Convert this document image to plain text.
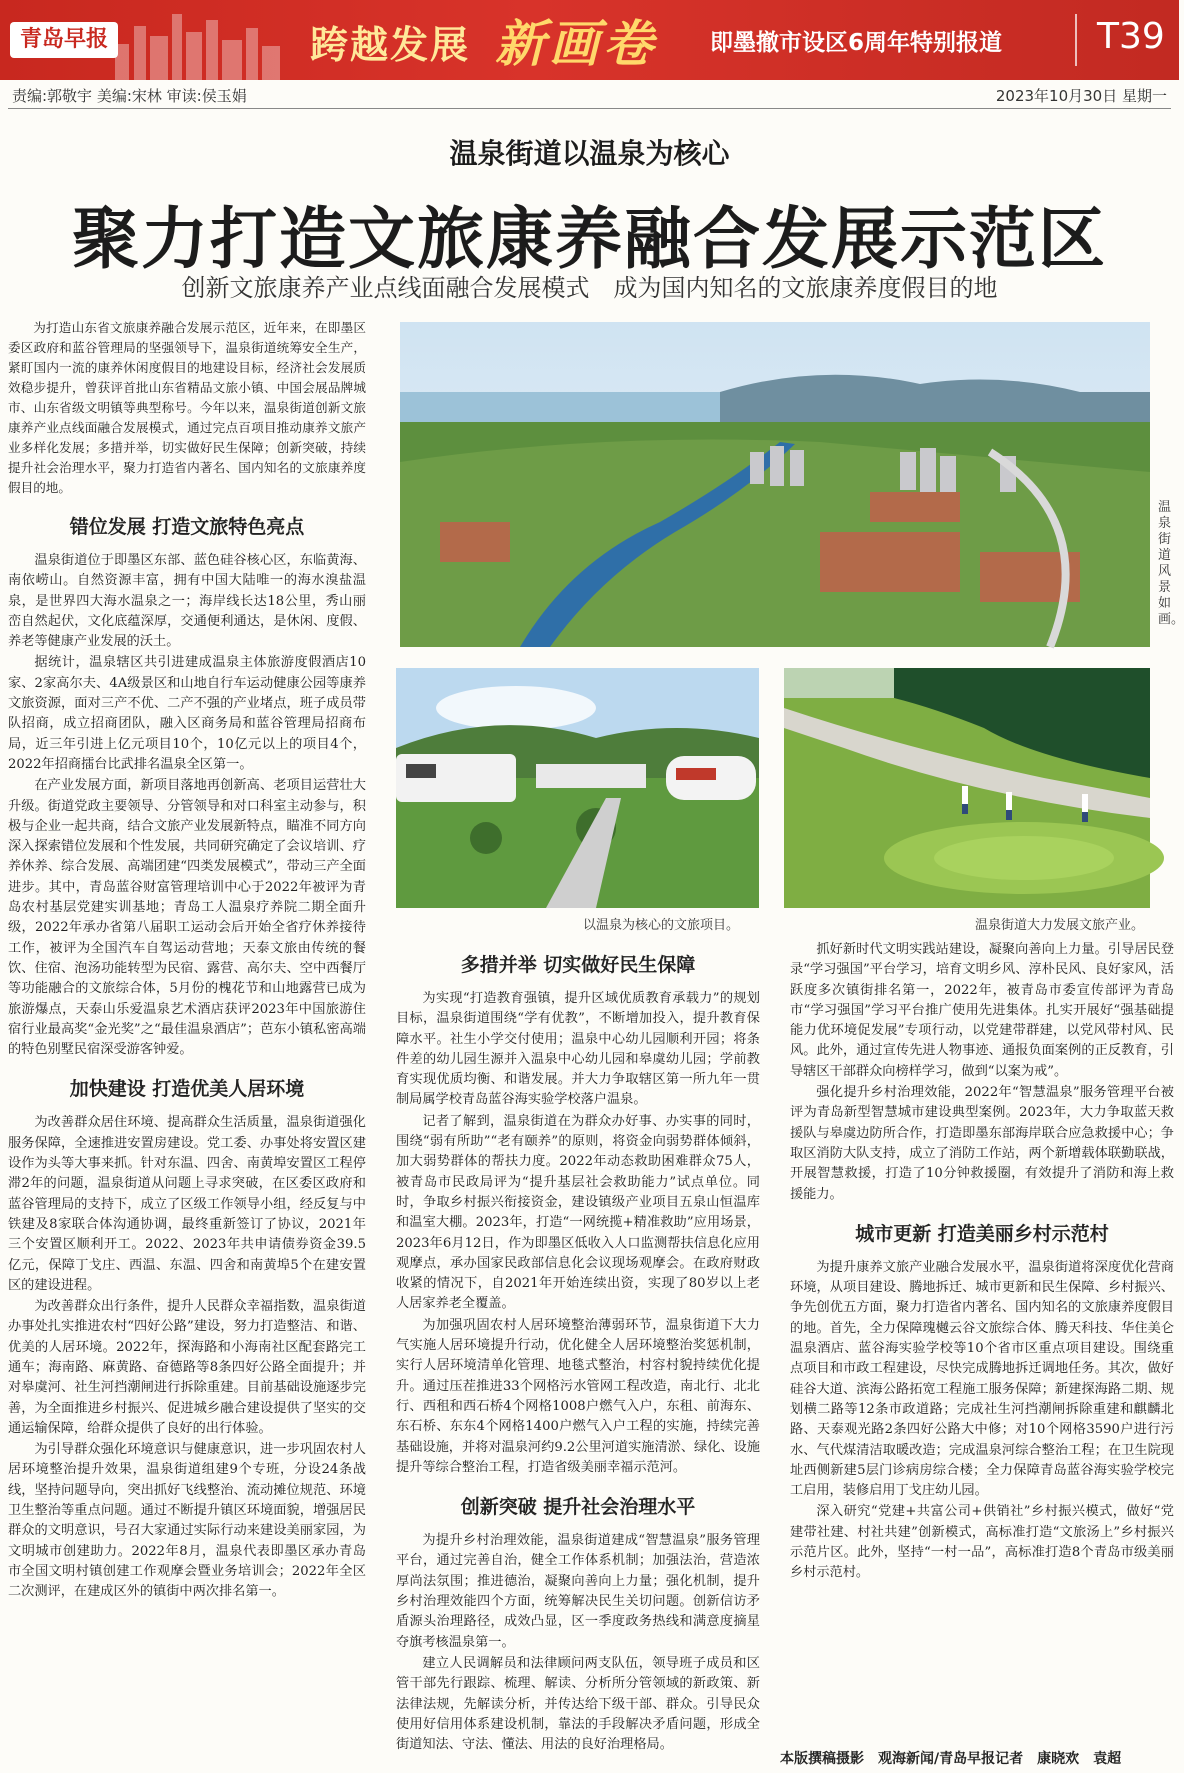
青岛早报	跨越发展 新画卷 即墨撤市设区6周年特别报道	T39
责编:郭敬宇 美编:宋林 审读:侯玉娟	2023年10月30日 星期一
温泉街道以温泉为核心
聚力打造文旅康养融合发展示范区
创新文旅康养产业点线面融合发展模式　成为国内知名的文旅康养度假目的地

为打造山东省文旅康养融合发展示范区，近年来，在即墨区委区政府和蓝谷管理局的坚强领导下，温泉街道统筹安全生产，紧盯国内一流的康养休闲度假目的地建设目标，经济社会发展质效稳步提升，曾获评首批山东省精品文旅小镇、中国会展品牌城市、山东省级文明镇等典型称号。今年以来，温泉街道创新文旅康养产业点线面融合发展模式，通过完点百项目推动康养文旅产业多样化发展；多措并举，切实做好民生保障；创新突破，持续提升社会治理水平，聚力打造省内著名、国内知名的文旅康养度假目的地。

错位发展 打造文旅特色亮点

温泉街道位于即墨区东部、蓝色硅谷核心区，东临黄海、南依崂山。自然资源丰富，拥有中国大陆唯一的海水溴盐温泉，是世界四大海水温泉之一；海岸线长达18公里，秀山丽峦自然起伏，文化底蕴深厚，交通便利通达，是休闲、度假、养老等健康产业发展的沃土。

据统计，温泉辖区共引进建成温泉主体旅游度假酒店10家、2家高尔夫、4A级景区和山地自行车运动健康公园等康养文旅资源，面对三产不优、二产不强的产业堵点，班子成员带队招商，成立招商团队，融入区商务局和蓝谷管理局招商布局，近三年引进上亿元项目10个，10亿元以上的项目4个，2022年招商擂台比武排名温泉全区第一。

在产业发展方面，新项目落地再创新高、老项目运营壮大升级。街道党政主要领导、分管领导和对口科室主动参与，积极与企业一起共商，结合文旅产业发展新特点，瞄准不同方向深入探索错位发展和个性发展，共同研究确定了会议培训、疗养休养、综合发展、高端团建“四类发展模式”，带动三产全面进步。其中，青岛蓝谷财富管理培训中心于2022年被评为青岛农村基层党建实训基地；青岛工人温泉疗养院二期全面升级，2022年承办省第八届职工运动会后开始全省疗休养接待工作，被评为全国汽车自驾运动营地；天泰文旅由传统的餐饮、住宿、泡汤功能转型为民宿、露营、高尔夫、空中西餐厅等功能融合的文旅综合体，5月份的槐花节和山地露营已成为旅游爆点，天泰山乐爱温泉艺术酒店获评2023年中国旅游住宿行业最高奖“金光奖”之“最佳温泉酒店”；芭东小镇私密高端的特色别墅民宿深受游客钟爱。

加快建设 打造优美人居环境

为改善群众居住环境、提高群众生活质量，温泉街道强化服务保障，全速推进安置房建设。党工委、办事处将安置区建设作为头等大事来抓。针对东温、四舍、南黄埠安置区工程停滞2年的问题，温泉街道从问题上寻求突破，在区委区政府和蓝谷管理局的支持下，成立了区级工作领导小组，经反复与中铁建及8家联合体沟通协调，最终重新签订了协议，2021年三个安置区顺利开工。2022、2023年共申请债券资金39.5亿元，保障丁戈庄、西温、东温、四舍和南黄埠5个在建安置区的建设进程。

为改善群众出行条件，提升人民群众幸福指数，温泉街道办事处扎实推进农村“四好公路”建设，努力打造整洁、和谐、优美的人居环境。2022年，探海路和小海南社区配套路完工通车；海南路、麻黄路、奋德路等8条四好公路全面提升；并对皋虞河、社生河挡潮闸进行拆除重建。目前基础设施逐步完善，为全面推进乡村振兴、促进城乡融合建设提供了坚实的交通运输保障，给群众提供了良好的出行体验。

为引导群众强化环境意识与健康意识，进一步巩固农村人居环境整治提升效果，温泉街道组建9个专班，分设24条战线，坚持问题导向，突出抓好飞线整治、流动摊位规范、环境卫生整治等重点问题。通过不断提升镇区环境面貌，增强居民群众的文明意识，号召大家通过实际行动来建设美丽家园，为文明城市创建助力。2022年8月，温泉代表即墨区承办青岛市全国文明村镇创建工作观摩会暨业务培训会；2022年全区二次测评，在建成区外的镇街中两次排名第一。

温泉街道风景如画。
以温泉为核心的文旅项目。	温泉街道大力发展文旅产业。
多措并举 切实做好民生保障

为实现“打造教育强镇，提升区域优质教育承载力”的规划目标，温泉街道围绕“学有优教”，不断增加投入，提升教育保障水平。社生小学交付使用；温泉中心幼儿园顺利开园；将条件差的幼儿园生源并入温泉中心幼儿园和皋虞幼儿园；学前教育实现优质均衡、和谐发展。并大力争取辖区第一所九年一贯制局属学校青岛蓝谷海实验学校落户温泉。

记者了解到，温泉街道在为群众办好事、办实事的同时，围绕“弱有所助”“老有颐养”的原则，将资金向弱势群体倾斜，加大弱势群体的帮扶力度。2022年动态救助困难群众75人，被青岛市民政局评为“提升基层社会救助能力”试点单位。同时，争取乡村振兴衔接资金，建设镇级产业项目五泉山恒温库和温室大棚。2023年，打造“一网统揽+精准救助”应用场景，2023年6月12日，作为即墨区低收入人口监测帮扶信息化应用观摩点，承办国家民政部信息化会议现场观摩会。在政府财政收紧的情况下，自2021年开始连续出资，实现了80岁以上老人居家养老全覆盖。

为加强巩固农村人居环境整治薄弱环节，温泉街道下大力气实施人居环境提升行动，优化健全人居环境整治奖惩机制，实行人居环境清单化管理、地毯式整治，村容村貌持续优化提升。通过压茬推进33个网格污水管网工程改造，南北行、北北行、西租和西石桥4个网格1008户燃气入户，东租、前海东、东石桥、东东4个网格1400户燃气入户工程的实施，持续完善基础设施，并将对温泉河约9.2公里河道实施清淤、绿化、设施提升等综合整治工程，打造省级美丽幸福示范河。

创新突破 提升社会治理水平

为提升乡村治理效能，温泉街道建成“智慧温泉”服务管理平台，通过完善自治，健全工作体系机制；加强法治，营造浓厚尚法氛围；推进德治，凝聚向善向上力量；强化机制，提升乡村治理效能四个方面，统筹解决民生关切问题。创新信访矛盾源头治理路径，成效凸显，区一季度政务热线和满意度摘星夺旗考核温泉第一。

建立人民调解员和法律顾问两支队伍，领导班子成员和区管干部先行跟踪、梳理、解读、分析所分管领域的新政策、新法律法规，先解读分析，并传达给下级干部、群众。引导民众使用好信用体系建设机制，靠法的手段解决矛盾问题，形成全街道知法、守法、懂法、用法的良好治理格局。

抓好新时代文明实践站建设，凝聚向善向上力量。引导居民登录“学习强国”平台学习，培育文明乡风、淳朴民风、良好家风，活跃度多次镇街排名第一，2022年，被青岛市委宣传部评为青岛市“学习强国”学习平台推广使用先进集体。扎实开展好“强基础提能力优环境促发展”专项行动，以党建带群建，以党风带村风、民风。此外，通过宣传先进人物事迹、通报负面案例的正反教育，引导辖区干部群众向榜样学习，做到“以案为戒”。

强化提升乡村治理效能，2022年“智慧温泉”服务管理平台被评为青岛新型智慧城市建设典型案例。2023年，大力争取蓝天救援队与皋虞边防所合作，打造即墨东部海岸联合应急救援中心；争取区消防大队支持，成立了消防工作站，两个新增载体联勤联战，开展智慧救援，打造了10分钟救援圈，有效提升了消防和海上救援能力。

城市更新 打造美丽乡村示范村

为提升康养文旅产业融合发展水平，温泉街道将深度优化营商环境，从项目建设、腾地拆迁、城市更新和民生保障、乡村振兴、争先创优五方面，聚力打造省内著名、国内知名的文旅康养度假目的地。首先，全力保障瑰樾云谷文旅综合体、腾天科技、华住美仑温泉酒店、蓝谷海实验学校等10个省市区重点项目建设。围绕重点项目和市政工程建设，尽快完成腾地拆迁调地任务。其次，做好硅谷大道、滨海公路拓宽工程施工服务保障；新建探海路二期、规划横二路等12条市政道路；完成社生河挡潮闸拆除重建和麒麟北路、天泰观光路2条四好公路大中修；对10个网格3590户进行污水、气代煤清洁取暖改造；完成温泉河综合整治工程；在卫生院现址西侧新建5层门诊病房综合楼；全力保障青岛蓝谷海实验学校完工启用，装修启用丁戈庄幼儿园。

深入研究“党建+共富公司+供销社”乡村振兴模式，做好“党建带社建、村社共建”创新模式，高标准打造“文旅汤上”乡村振兴示范片区。此外，坚持“一村一品”，高标准打造8个青岛市级美丽乡村示范村。

本版撰稿摄影　观海新闻/青岛早报记者　康晓欢　袁超
